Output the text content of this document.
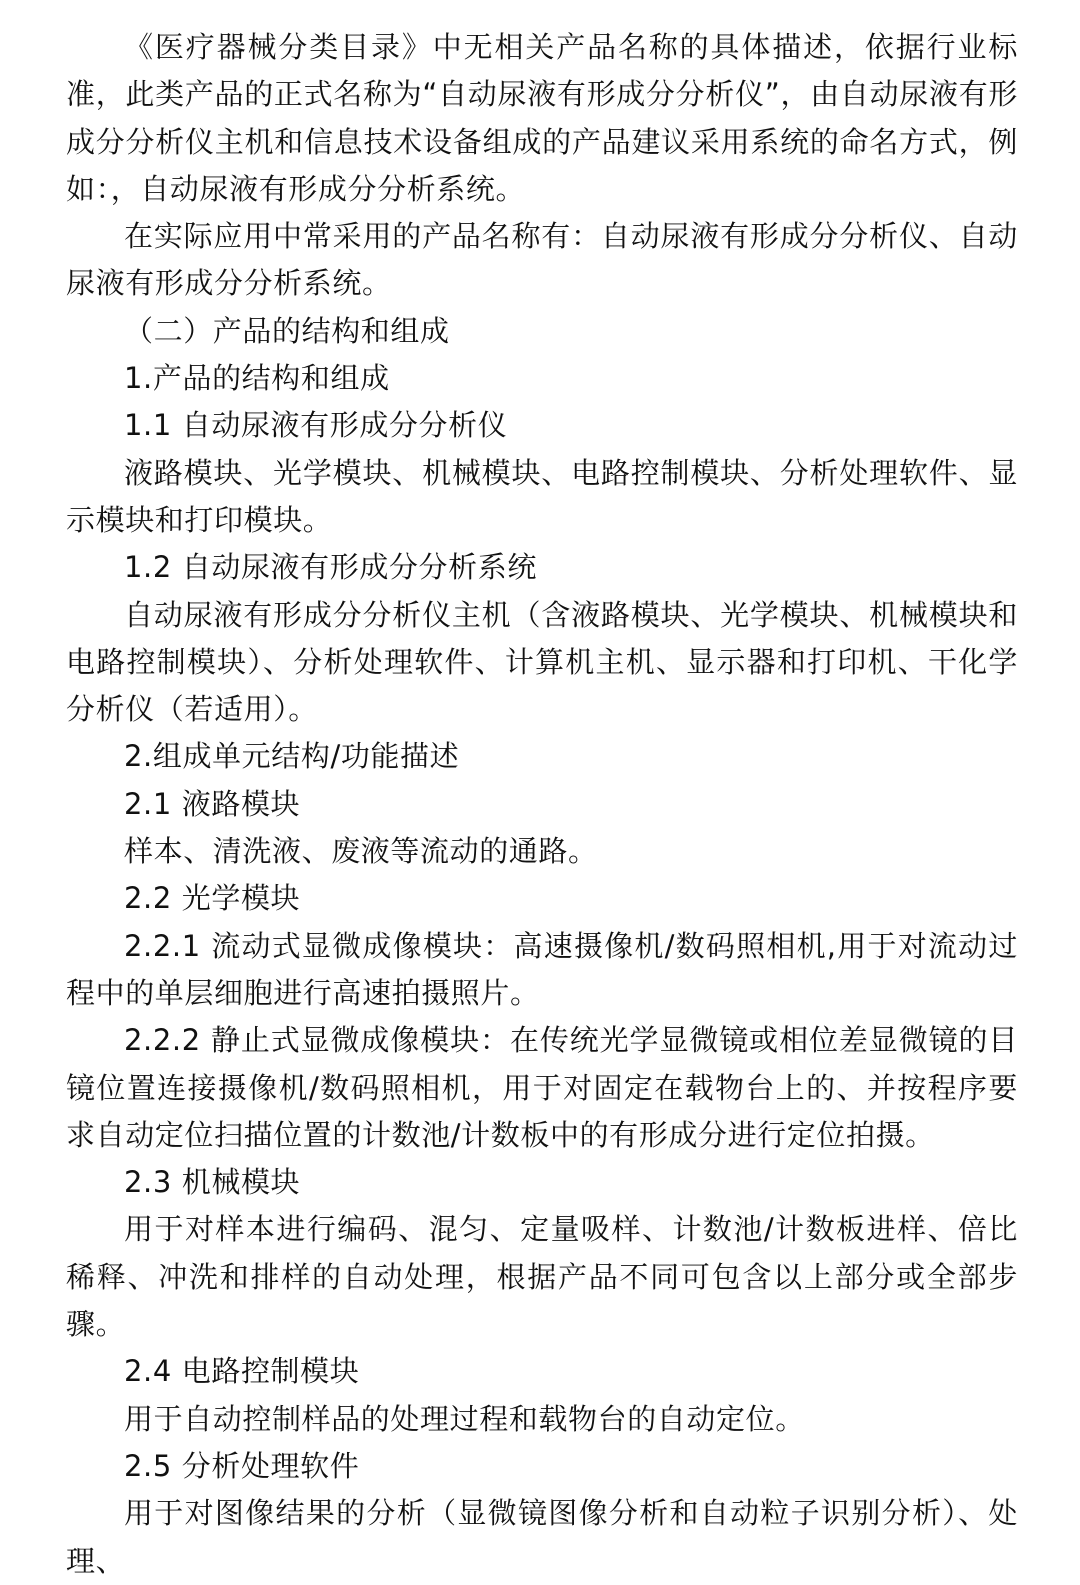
《医疗器械分类目录》中无相关产品名称的具体描述，依据行业标准，此类产品的正式名称为“自动尿液有形成分分析仪”，由自动尿液有形成分分析仪主机和信息技术设备组成的产品建议采用系统的命名方式，例如：，自动尿液有形成分分析系统。

在实际应用中常采用的产品名称有：自动尿液有形成分分析仪、自动尿液有形成分分析系统。

（二）产品的结构和组成

1.产品的结构和组成

1.1 自动尿液有形成分分析仪

液路模块、光学模块、机械模块、电路控制模块、分析处理软件、显示模块和打印模块。

1.2 自动尿液有形成分分析系统

自动尿液有形成分分析仪主机（含液路模块、光学模块、机械模块和电路控制模块）、分析处理软件、计算机主机、显示器和打印机、干化学分析仪（若适用）。

2.组成单元结构/功能描述

2.1 液路模块

样本、清洗液、废液等流动的通路。

2.2 光学模块

2.2.1 流动式显微成像模块：高速摄像机/数码照相机,用于对流动过程中的单层细胞进行高速拍摄照片。

2.2.2 静止式显微成像模块：在传统光学显微镜或相位差显微镜的目镜位置连接摄像机/数码照相机，用于对固定在载物台上的、并按程序要求自动定位扫描位置的计数池/计数板中的有形成分进行定位拍摄。

2.3 机械模块

用于对样本进行编码、混匀、定量吸样、计数池/计数板进样、倍比稀释、冲洗和排样的自动处理，根据产品不同可包含以上部分或全部步骤。

2.4 电路控制模块

用于自动控制样品的处理过程和载物台的自动定位。

2.5 分析处理软件

用于对图像结果的分析（显微镜图像分析和自动粒子识别分析）、处理、
